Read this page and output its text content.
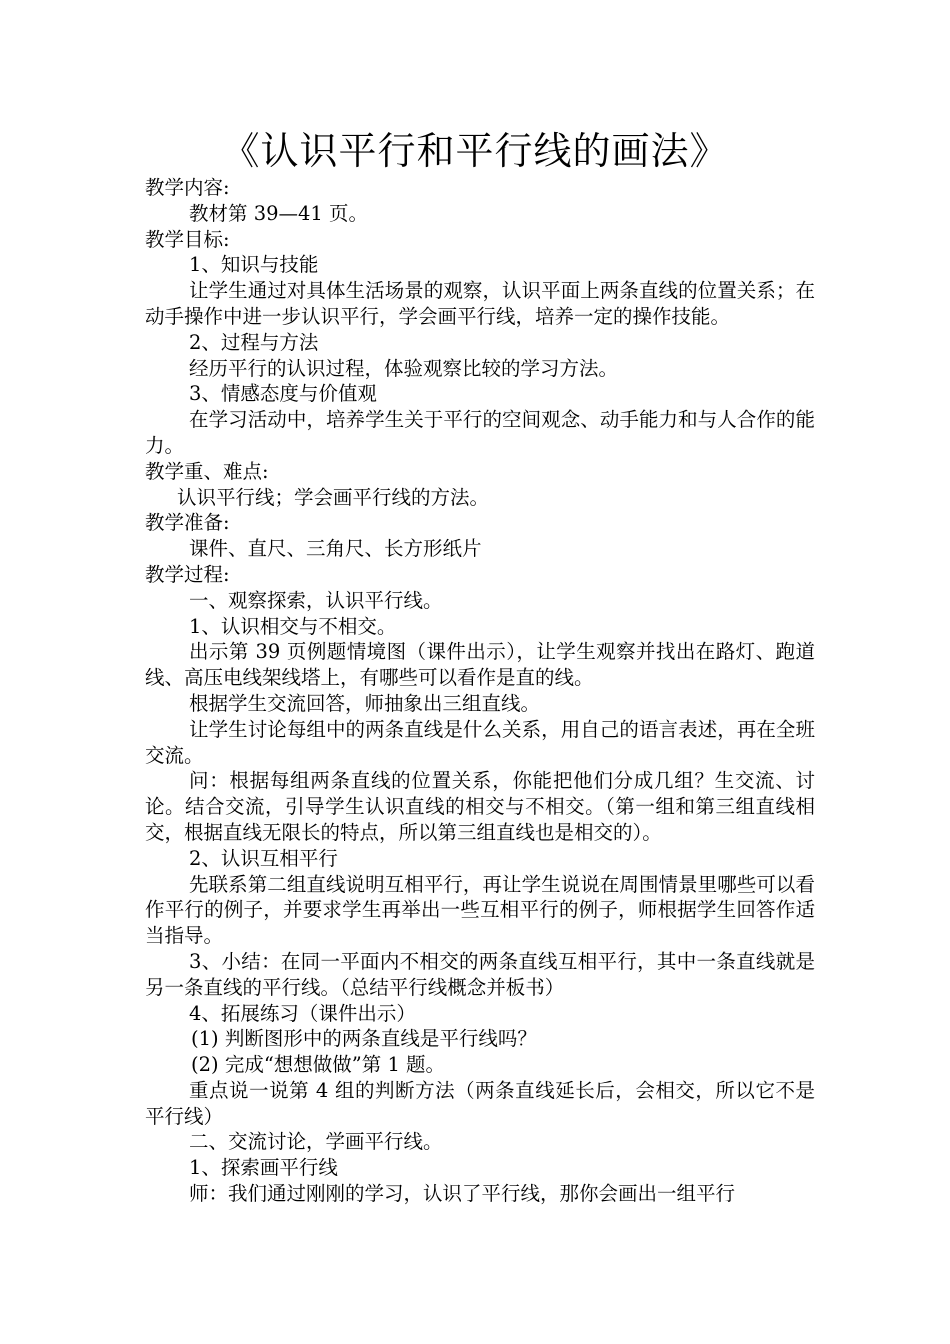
《认识平行和平行线的画法》

教学内容:

教材第 39—41 页。

教学目标:

1、知识与技能

让学生通过对具体生活场景的观察，认识平面上两条直线的位置关系；在动手操作中进一步认识平行，学会画平行线，培养一定的操作技能。

2、过程与方法

经历平行的认识过程，体验观察比较的学习方法。

3、情感态度与价值观

在学习活动中，培养学生关于平行的空间观念、动手能力和与人合作的能力。

教学重、难点:

认识平行线；学会画平行线的方法。

教学准备:

课件、直尺、三角尺、长方形纸片

教学过程:

一、观察探索，认识平行线。

1、认识相交与不相交。

出示第 39 页例题情境图（课件出示），让学生观察并找出在路灯、跑道线、高压电线架线塔上，有哪些可以看作是直的线。

根据学生交流回答，师抽象出三组直线。

让学生讨论每组中的两条直线是什么关系，用自己的语言表述，再在全班交流。

问：根据每组两条直线的位置关系，你能把他们分成几组？生交流、讨论。结合交流，引导学生认识直线的相交与不相交。（第一组和第三组直线相交，根据直线无限长的特点，所以第三组直线也是相交的）。

2、认识互相平行

先联系第二组直线说明互相平行，再让学生说说在周围情景里哪些可以看作平行的例子，并要求学生再举出一些互相平行的例子，师根据学生回答作适当指导。

3、小结：在同一平面内不相交的两条直线互相平行，其中一条直线就是另一条直线的平行线。（总结平行线概念并板书）

4、拓展练习（课件出示）

(1) 判断图形中的两条直线是平行线吗？

(2) 完成“想想做做”第 1 题。

重点说一说第 4 组的判断方法（两条直线延长后，会相交，所以它不是平行线）

二、交流讨论，学画平行线。

1、探索画平行线

师：我们通过刚刚的学习，认识了平行线，那你会画出一组平行
